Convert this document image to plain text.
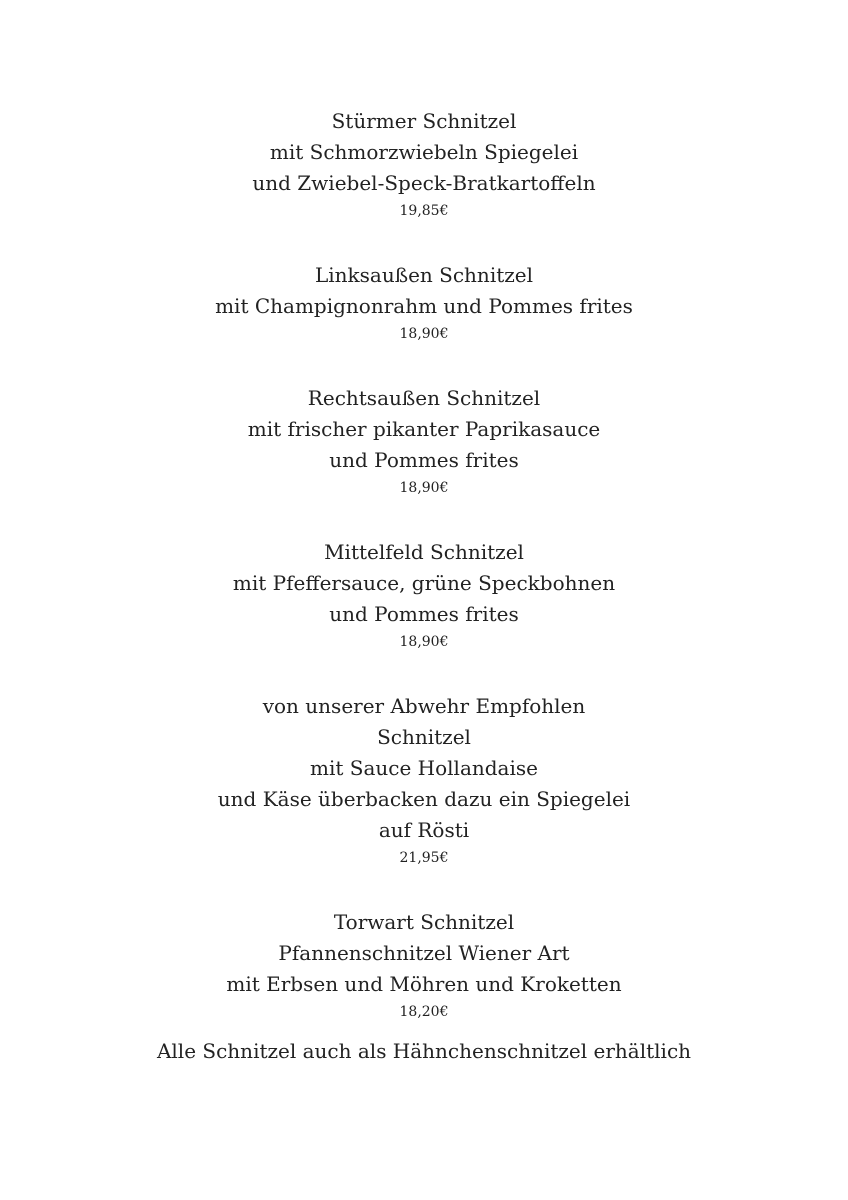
Stürmer Schnitzel
mit Schmorzwiebeln Spiegelei
und Zwiebel-Speck-Bratkartoffeln
19,85€
Linksaußen Schnitzel
mit Champignonrahm und Pommes frites
18,90€
Rechtsaußen Schnitzel
mit frischer pikanter Paprikasauce
und Pommes frites
18,90€
Mittelfeld Schnitzel
mit Pfeffersauce, grüne Speckbohnen
und Pommes frites
18,90€
von unserer Abwehr Empfohlen
Schnitzel
mit Sauce Hollandaise
und Käse überbacken dazu ein Spiegelei
auf Rösti
21,95€
Torwart Schnitzel
Pfannenschnitzel Wiener Art
mit Erbsen und Möhren und Kroketten
18,20€
Alle Schnitzel auch als Hähnchenschnitzel erhältlich
